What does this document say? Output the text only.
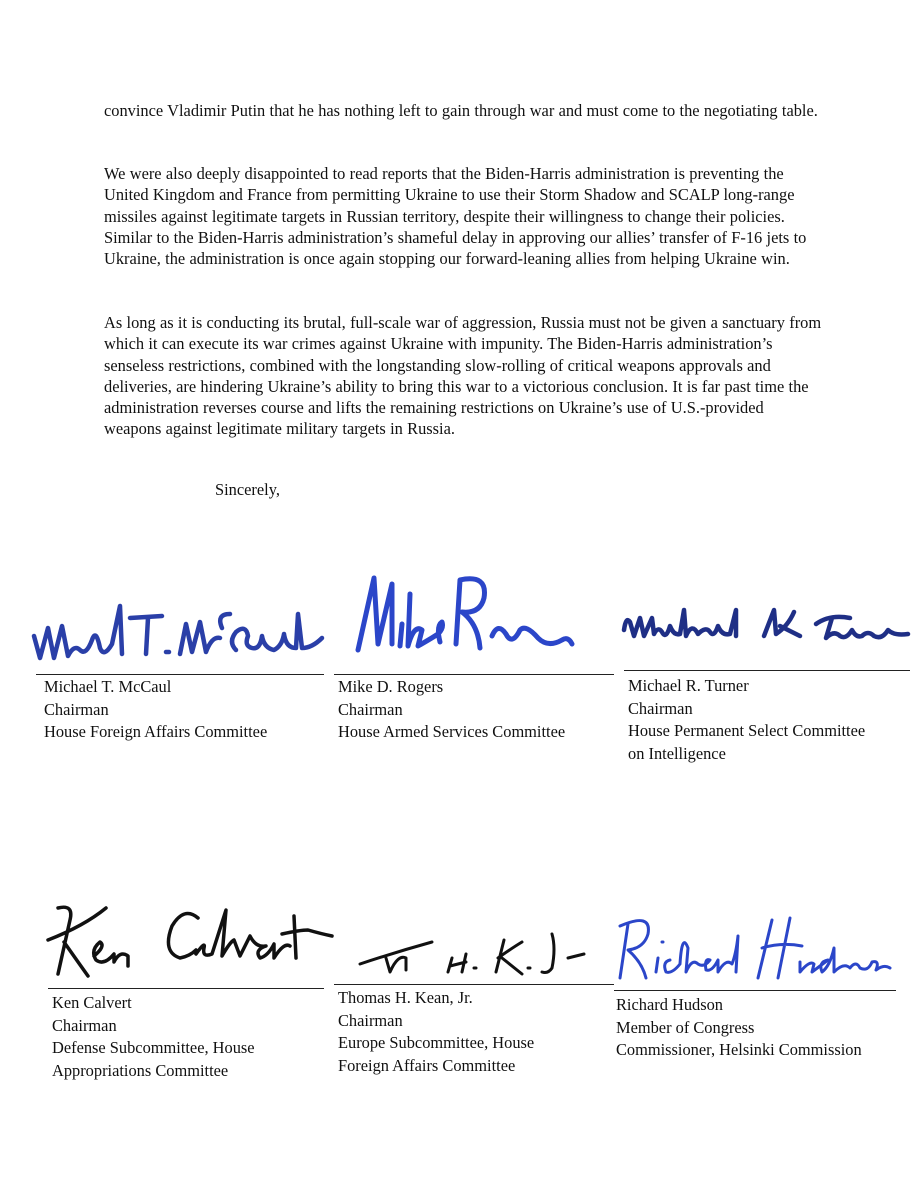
convince Vladimir Putin that he has nothing left to gain through war and must come to the negotiating table.

We were also deeply disappointed to read reports that the Biden-Harris administration is preventing the United Kingdom and France from permitting Ukraine to use their Storm Shadow and SCALP long-range missiles against legitimate targets in Russian territory, despite their willingness to change their policies. Similar to the Biden-Harris administration’s shameful delay in approving our allies’ transfer of F-16 jets to Ukraine, the administration is once again stopping our forward-leaning allies from helping Ukraine win.

As long as it is conducting its brutal, full-scale war of aggression, Russia must not be given a sanctuary from which it can execute its war crimes against Ukraine with impunity. The Biden-Harris administration’s senseless restrictions, combined with the longstanding slow-rolling of critical weapons approvals and deliveries, are hindering Ukraine’s ability to bring this war to a victorious conclusion. It is far past time the administration reverses course and lifts the remaining restrictions on Ukraine’s use of U.S.-provided weapons against legitimate military targets in Russia.

Sincerely,
Michael T. McCaul
Chairman
House Foreign Affairs Committee
Mike D. Rogers
Chairman
House Armed Services Committee
Michael R. Turner
Chairman
House Permanent Select Committee
on Intelligence
Ken Calvert
Chairman
Defense Subcommittee, House
Appropriations Committee
Thomas H. Kean, Jr.
Chairman
Europe Subcommittee, House
Foreign Affairs Committee
Richard Hudson
Member of Congress
Commissioner, Helsinki Commission
